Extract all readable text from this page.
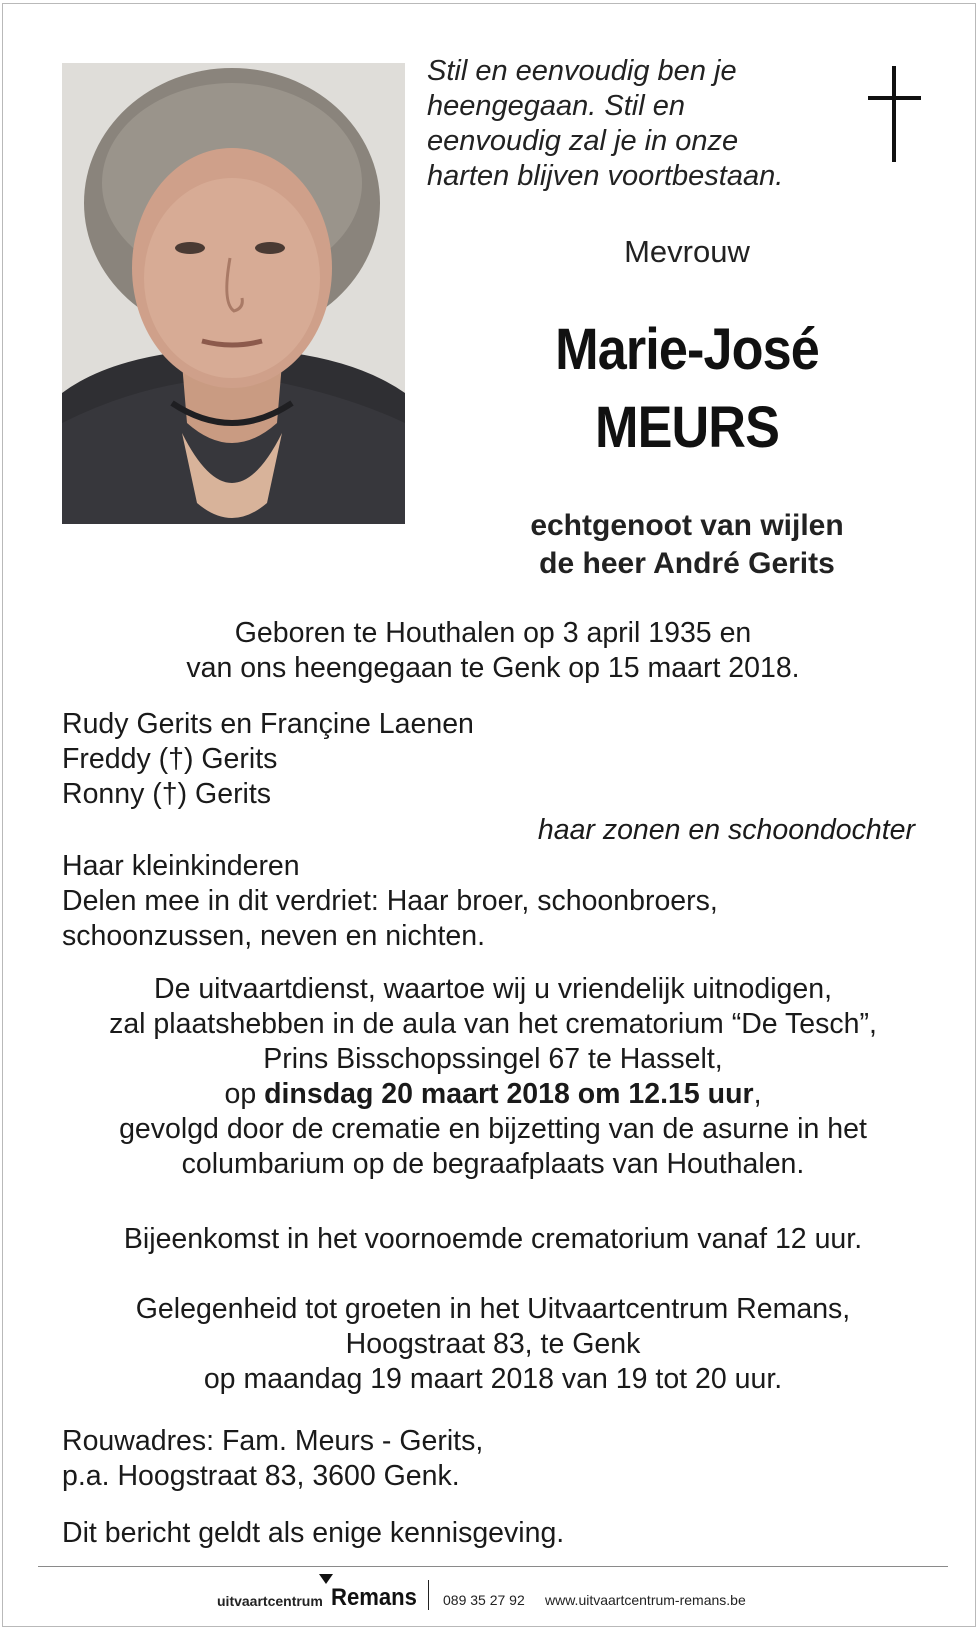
Stil en eenvoudig ben je
heengegaan. Stil en
eenvoudig zal je in onze
harten blijven voortbestaan.
Mevrouw
Marie-José
MEURS
echtgenoot van wijlen
de heer André Gerits
Geboren te Houthalen op 3 april 1935 en
van ons heengegaan te Genk op 15 maart 2018.
Rudy Gerits en Françine Laenen
Freddy (†) Gerits
Ronny (†) Gerits
haar zonen en schoondochter
Haar kleinkinderen
Delen mee in dit verdriet: Haar broer, schoonbroers,
schoonzussen, neven en nichten.
De uitvaartdienst, waartoe wij u vriendelijk uitnodigen,
zal plaatshebben in de aula van het crematorium “De Tesch”,
Prins Bisschopssingel 67 te Hasselt,
op dinsdag 20 maart 2018 om 12.15 uur,
gevolgd door de crematie en bijzetting van de asurne in het
columbarium op de begraafplaats van Houthalen.
Bijeenkomst in het voornoemde crematorium vanaf 12 uur.
Gelegenheid tot groeten in het Uitvaartcentrum Remans,
Hoogstraat 83, te Genk
op maandag 19 maart 2018 van 19 tot 20 uur.
Rouwadres: Fam. Meurs - Gerits,
p.a. Hoogstraat 83, 3600 Genk.
Dit bericht geldt als enige kennisgeving.
uitvaartcentrum Remans 089 35 27 92 www.uitvaartcentrum-remans.be
